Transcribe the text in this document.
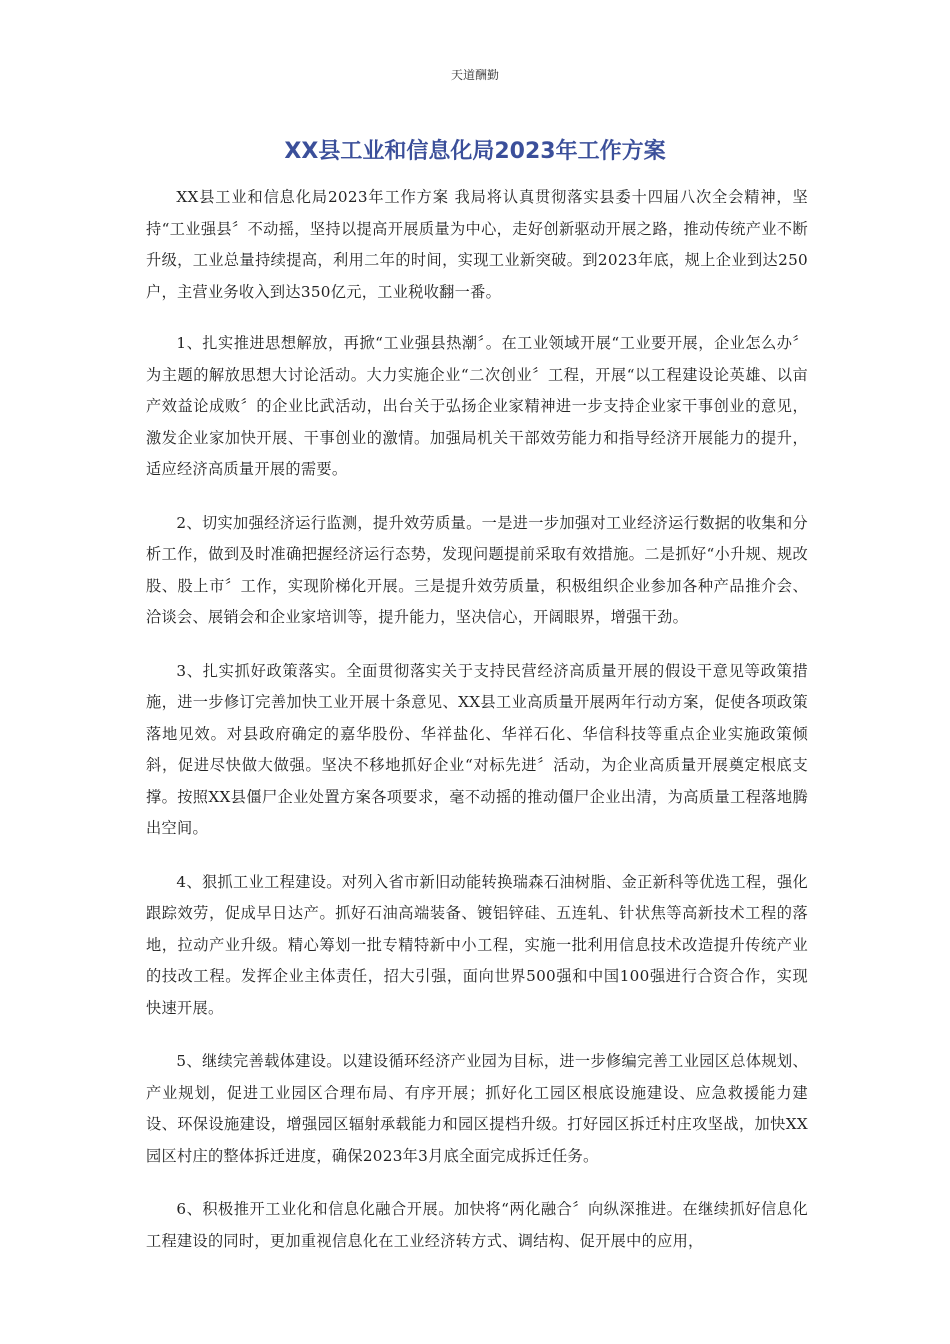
天道酬勤
XX县工业和信息化局2023年工作方案

XX县工业和信息化局2023年工作方案 我局将认真贯彻落实县委十四届八次全会精神，坚持“工业强县〞不动摇，坚持以提高开展质量为中心，走好创新驱动开展之路，推动传统产业不断升级，工业总量持续提高，利用二年的时间，实现工业新突破。到2023年底，规上企业到达250户，主营业务收入到达350亿元，工业税收翻一番。

1、扎实推进思想解放，再掀“工业强县热潮〞。在工业领域开展“工业要开展，企业怎么办〞为主题的解放思想大讨论活动。大力实施企业“二次创业〞工程，开展“以工程建设论英雄、以亩产效益论成败〞的企业比武活动，出台关于弘扬企业家精神进一步支持企业家干事创业的意见，激发企业家加快开展、干事创业的激情。加强局机关干部效劳能力和指导经济开展能力的提升，适应经济高质量开展的需要。

2、切实加强经济运行监测，提升效劳质量。一是进一步加强对工业经济运行数据的收集和分析工作，做到及时准确把握经济运行态势，发现问题提前采取有效措施。二是抓好“小升规、规改股、股上市〞工作，实现阶梯化开展。三是提升效劳质量，积极组织企业参加各种产品推介会、洽谈会、展销会和企业家培训等，提升能力，坚决信心，开阔眼界，增强干劲。

3、扎实抓好政策落实。全面贯彻落实关于支持民营经济高质量开展的假设干意见等政策措施，进一步修订完善加快工业开展十条意见、XX县工业高质量开展两年行动方案，促使各项政策落地见效。对县政府确定的嘉华股份、华祥盐化、华祥石化、华信科技等重点企业实施政策倾斜，促进尽快做大做强。坚决不移地抓好企业“对标先进〞活动，为企业高质量开展奠定根底支撑。按照XX县僵尸企业处置方案各项要求，毫不动摇的推动僵尸企业出清，为高质量工程落地腾出空间。

4、狠抓工业工程建设。对列入省市新旧动能转换瑞森石油树脂、金正新科等优选工程，强化跟踪效劳，促成早日达产。抓好石油高端装备、镀铝锌硅、五连轧、针状焦等高新技术工程的落地，拉动产业升级。精心筹划一批专精特新中小工程，实施一批利用信息技术改造提升传统产业的技改工程。发挥企业主体责任，招大引强，面向世界500强和中国100强进行合资合作，实现快速开展。

5、继续完善载体建设。以建设循环经济产业园为目标，进一步修编完善工业园区总体规划、产业规划，促进工业园区合理布局、有序开展；抓好化工园区根底设施建设、应急救援能力建设、环保设施建设，增强园区辐射承载能力和园区提档升级。打好园区拆迁村庄攻坚战，加快XX园区村庄的整体拆迁进度，确保2023年3月底全面完成拆迁任务。

6、积极推开工业化和信息化融合开展。加快将“两化融合〞向纵深推进。在继续抓好信息化工程建设的同时，更加重视信息化在工业经济转方式、调结构、促开展中的应用，
